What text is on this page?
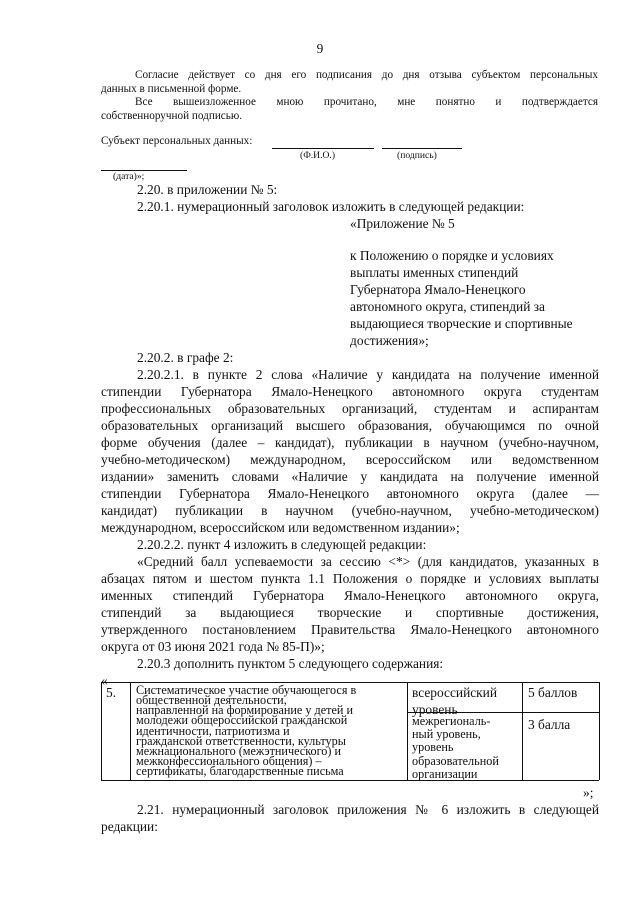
9
Согласие действует со дня его подписания до дня отзыва субъектом персональных
данных в письменной форме.
Все вышеизложенное мною прочитано, мне понятно и подтверждается
собственноручной подписью.
Субъект персональных данных:
(Ф.И.О.)	(подпись)
(дата)»;
2.20. в приложении № 5:
2.20.1. нумерационный заголовок изложить в следующей редакции:
«Приложение № 5
к Положению о порядке и условиях
выплаты именных стипендий
Губернатора Ямало-Ненецкого
автономного округа, стипендий за
выдающиеся творческие и спортивные
достижения»;
2.20.2. в графе 2:
2.20.2.1. в пункте 2 слова «Наличие у кандидата на получение именной
стипендии Губернатора Ямало-Ненецкого автономного округа студентам
профессиональных образовательных организаций, студентам и аспирантам
образовательных организаций высшего образования, обучающимся по очной
форме обучения (далее – кандидат), публикации в научном (учебно-научном,
учебно-методическом) международном, всероссийском или ведомственном
издании» заменить словами «Наличие у кандидата на получение именной
стипендии Губернатора Ямало-Ненецкого автономного округа (далее —
кандидат) публикации в научном (учебно-научном, учебно-методическом)
международном, всероссийском или ведомственном издании»;
2.20.2.2. пункт 4 изложить в следующей редакции:
«Средний балл успеваемости за сессию <*> (для кандидатов, указанных в
абзацах пятом и шестом пункта 1.1 Положения о порядке и условиях выплаты
именных стипендий Губернатора Ямало-Ненецкого автономного округа,
стипендий за выдающиеся творческие и спортивные достижения,
утвержденного постановлением Правительства Ямало-Ненецкого автономного
округа от 03 июня 2021 года № 85-П)»;
2.20.3 дополнить пунктом 5 следующего содержания:
«
5.	всероссийский
уровень
5 баллов
3 балла
»;
2.21. нумерационный заголовок приложения № 6 изложить в следующей
редакции:
Систематическое участие обучающегося в
общественной деятельности,
направленной на формирование у детей и
молодежи общероссийской гражданской
идентичности, патриотизма и
гражданской ответственности, культуры
межнационального (межэтнического) и
межконфессионального общения) –
сертификаты, благодарственные письма
межрегиональ-
ный уровень,
уровень
образовательной
организации
